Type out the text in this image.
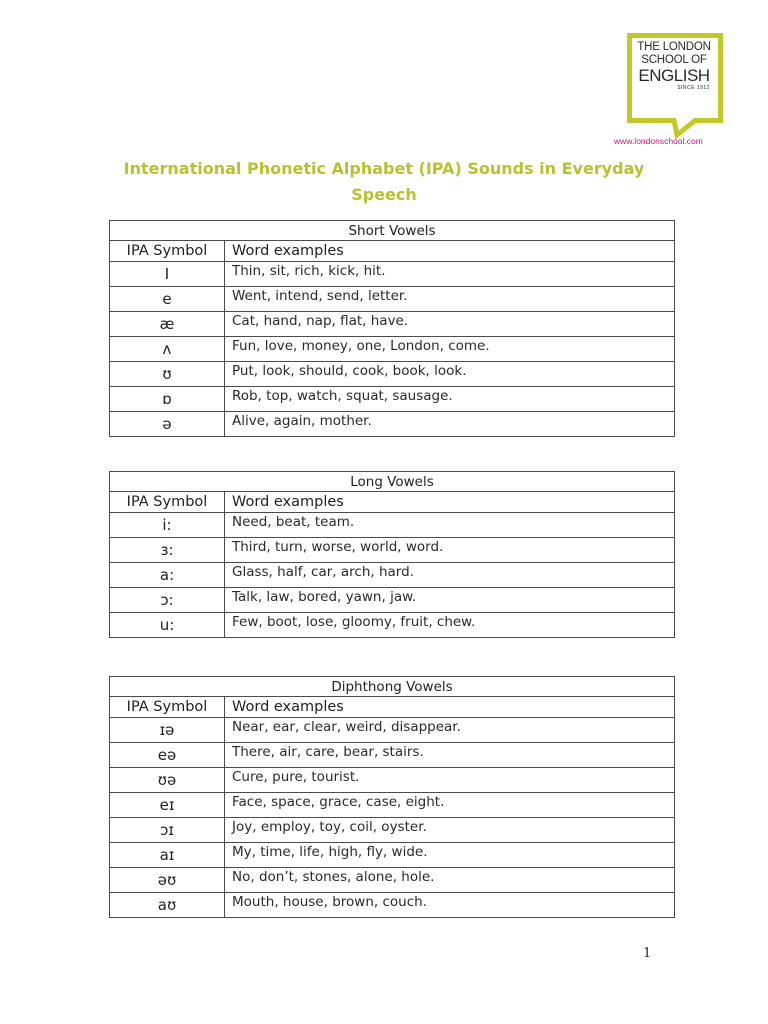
THE LONDON
SCHOOL OF
ENGLISH
SINCE 1912
www.londonschool.com
International Phonetic Alphabet (IPA) Sounds in Everyday Speech
Short Vowels	
IPA Symbol	Word examples
I	Thin, sit, rich, kick, hit.
e	Went, intend, send, letter.
æ	Cat, hand, nap, flat, have.
ʌ	Fun, love, money, one, London, come.
ʊ	Put, look, should, cook, book, look.
ɒ	Rob, top, watch, squat, sausage.
ə	Alive, again, mother.
Long Vowels	
IPA Symbol	Word examples
i:	Need, beat, team.
ɜ:	Third, turn, worse, world, word.
a:	Glass, half, car, arch, hard.
ɔ:	Talk, law, bored, yawn, jaw.
u:	Few, boot, lose, gloomy, fruit, chew.
Diphthong Vowels	
IPA Symbol	Word examples
ɪə	Near, ear, clear, weird, disappear.
eə	There, air, care, bear, stairs.
ʊə	Cure, pure, tourist.
eɪ	Face, space, grace, case, eight.
ɔɪ	Joy, employ, toy, coil, oyster.
aɪ	My, time, life, high, fly, wide.
əʊ	No, don’t, stones, alone, hole.
aʊ	Mouth, house, brown, couch.
1
